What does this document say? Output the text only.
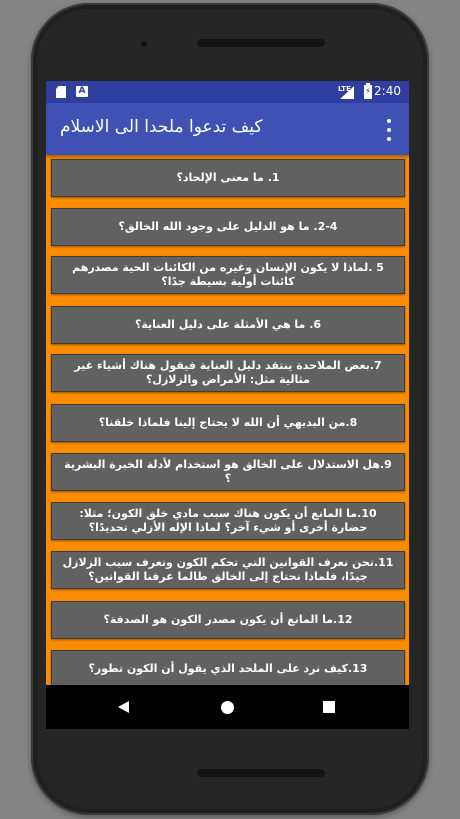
A	LTE ⚡ 2:40
كيف تدعوا ملحدا الى الاسلام
1. ما معنى الإلحاد؟
2-4. ما هو الدليل على وجود الله الخالق؟
5 .لماذا لا يكون الإنسان وغيره من الكائنات الحية مصدرهم كائنات أولية بسيطة جدًا؟
6. ما هي الأمثلة على دليل العناية؟
7.بعض الملاحدة ينتقد دليل العناية فيقول هناك أشياء غير مثالية مثل: الأمراض والزلازل؟
8.من البديهي أن الله لا يحتاج إلينا فلماذا خلقنا؟
9.هل الاستدلال على الخالق هو استخدام لأدلة الخبرة البشرية ؟
10.ما المانع أن يكون هناك سبب مادي خلق الكون؛ مثلا: حضارة أخرى أو شيء آخر؟ لماذا الإله الأزلي تحديدًا؟
11.نحن نعرف القوانين التي تحكم الكون ونعرف سبب الزلازل جيدًا، فلماذا نحتاج إلى الخالق طالما عرفنا القوانين؟
12.ما المانع أن يكون مصدر الكون هو الصدفة؟
13.كيف نرد على الملحد الذي يقول أن الكون تطور؟
